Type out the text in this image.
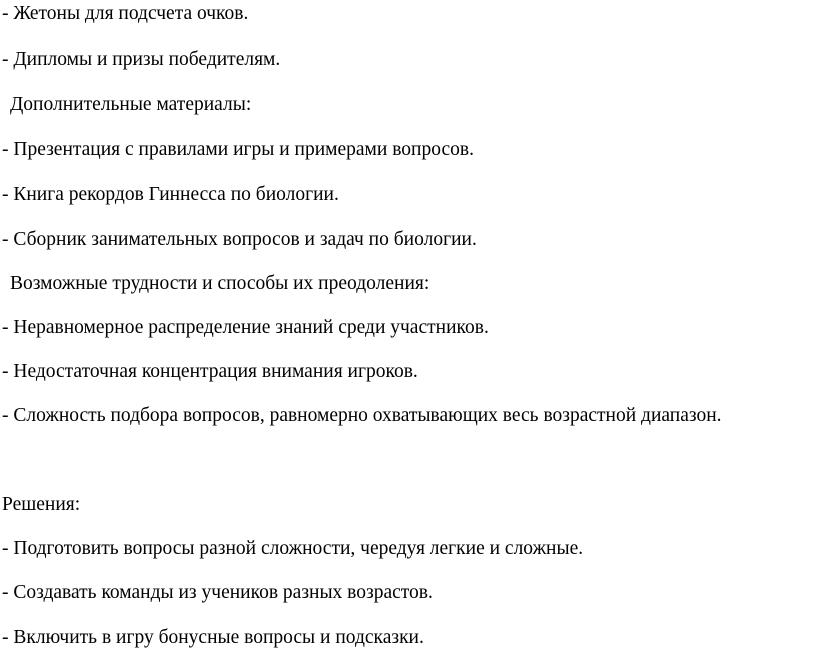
- Жетоны для подсчета очков.
- Дипломы и призы победителям.
Дополнительные материалы:
- Презентация с правилами игры и примерами вопросов.
- Книга рекордов Гиннесса по биологии.
- Сборник занимательных вопросов и задач по биологии.
Возможные трудности и способы их преодоления:
- Неравномерное распределение знаний среди участников.
- Недостаточная концентрация внимания игроков.
- Сложность подбора вопросов, равномерно охватывающих весь возрастной диапазон.
Решения:
- Подготовить вопросы разной сложности, чередуя легкие и сложные.
- Создавать команды из учеников разных возрастов.
- Включить в игру бонусные вопросы и подсказки.
